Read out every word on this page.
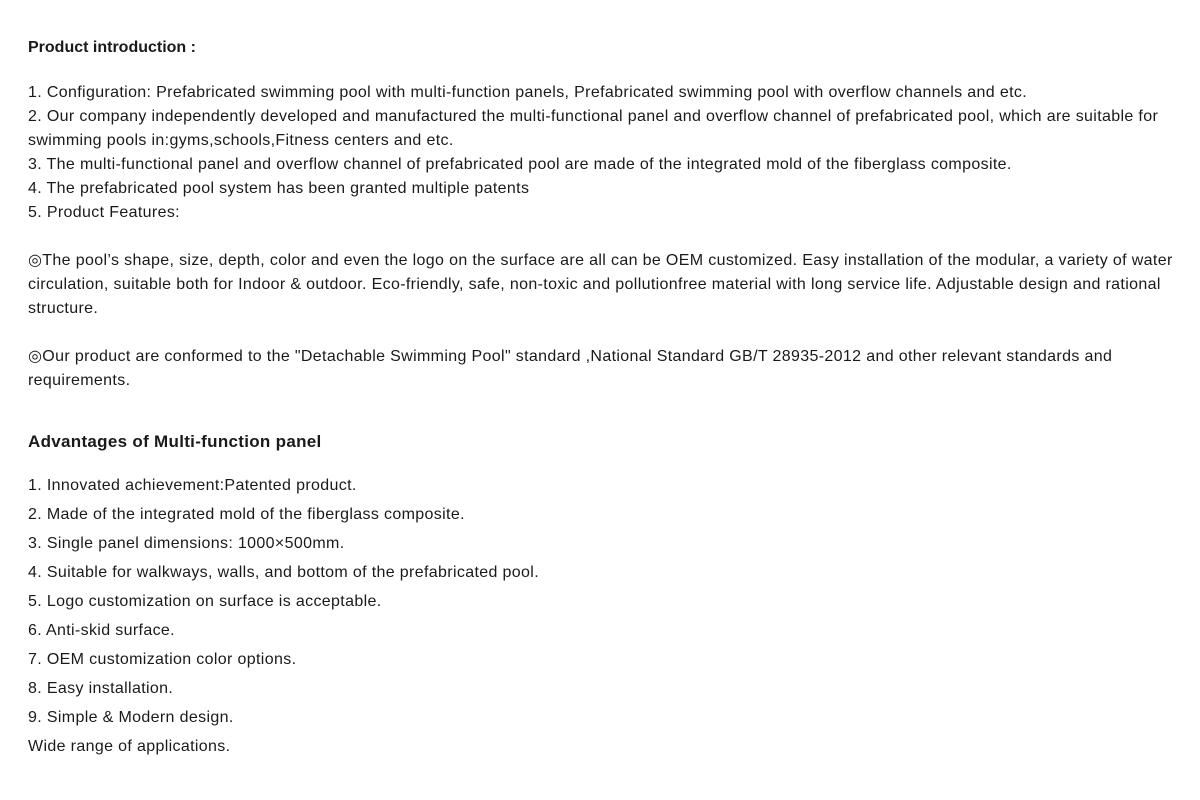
Product introduction :

1. Configuration: Prefabricated swimming pool with multi-function panels, Prefabricated swimming pool with overflow channels and etc.

2. Our company independently developed and manufactured the multi-functional panel and overflow channel of prefabricated pool, which are suitable for swimming pools in:gyms,schools,Fitness centers and etc.

3. The multi-functional panel and overflow channel of prefabricated pool are made of the integrated mold of the fiberglass composite.

4. The prefabricated pool system has been granted multiple patents

5. Product Features:

◎The pool’s shape, size, depth, color and even the logo on the surface are all can be OEM customized. Easy installation of the modular, a variety of water circulation, suitable both for Indoor & outdoor. Eco-friendly, safe, non-toxic and pollutionfree material with long service life. Adjustable design and rational structure.

◎Our product are conformed to the "Detachable Swimming Pool" standard ,National Standard GB/T 28935-2012 and other relevant standards and requirements.

Advantages of Multi-function panel
1. Innovated achievement:Patented product.
2. Made of the integrated mold of the fiberglass composite.
3. Single panel dimensions: 1000×500mm.
4. Suitable for walkways, walls, and bottom of the prefabricated pool.
5. Logo customization on surface is acceptable.
6. Anti-skid surface.
7. OEM customization color options.
8. Easy installation.
9. Simple & Modern design.
Wide range of applications.
